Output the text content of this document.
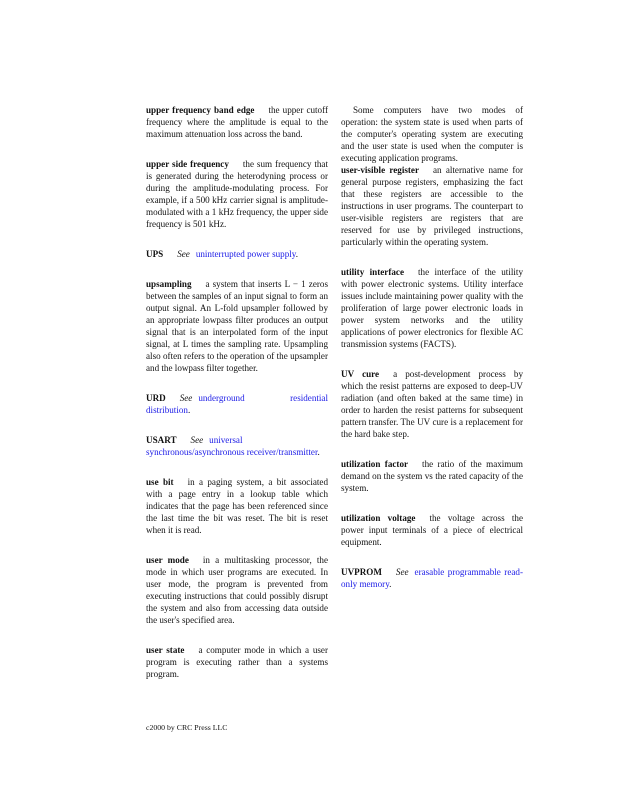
upper frequency band edge the upper cutoff frequency where the amplitude is equal to the maximum attenuation loss across the band.

upper side frequency the sum frequency that is generated during the heterodyning process or during the amplitude-modulating process. For example, if a 500 kHz carrier signal is amplitude-modulated with a 1 kHz frequency, the upper side frequency is 501 kHz.

UPS See uninterrupted power supply.

upsampling a system that inserts L − 1 zeros between the samples of an input signal to form an output signal. An L-fold upsampler followed by an appropriate lowpass filter produces an output signal that is an interpolated form of the input signal, at L times the sampling rate. Upsampling also often refers to the operation of the upsampler and the lowpass filter together.

URD See underground residential distribution.

USART See universal synchronous/asynchronous receiver/transmitter.

use bit in a paging system, a bit associated with a page entry in a lookup table which indicates that the page has been referenced since the last time the bit was reset. The bit is reset when it is read.

user mode in a multitasking processor, the mode in which user programs are executed. In user mode, the program is prevented from executing instructions that could possibly disrupt the system and also from accessing data outside the user's specified area.

user state a computer mode in which a user program is executing rather than a systems program.

Some computers have two modes of operation: the system state is used when parts of the computer's operating system are executing and the user state is used when the computer is executing application programs.

user-visible register an alternative name for general purpose registers, emphasizing the fact that these registers are accessible to the instructions in user programs. The counterpart to user-visible registers are registers that are reserved for use by privileged instructions, particularly within the operating system.

utility interface the interface of the utility with power electronic systems. Utility interface issues include maintaining power quality with the proliferation of large power electronic loads in power system networks and the utility applications of power electronics for flexible AC transmission systems (FACTS).

UV cure a post-development process by which the resist patterns are exposed to deep-UV radiation (and often baked at the same time) in order to harden the resist patterns for subsequent pattern transfer. The UV cure is a replacement for the hard bake step.

utilization factor the ratio of the maximum demand on the system vs the rated capacity of the system.

utilization voltage the voltage across the power input terminals of a piece of electrical equipment.

UVPROM See erasable programmable read-only memory.

c2000 by CRC Press LLC
